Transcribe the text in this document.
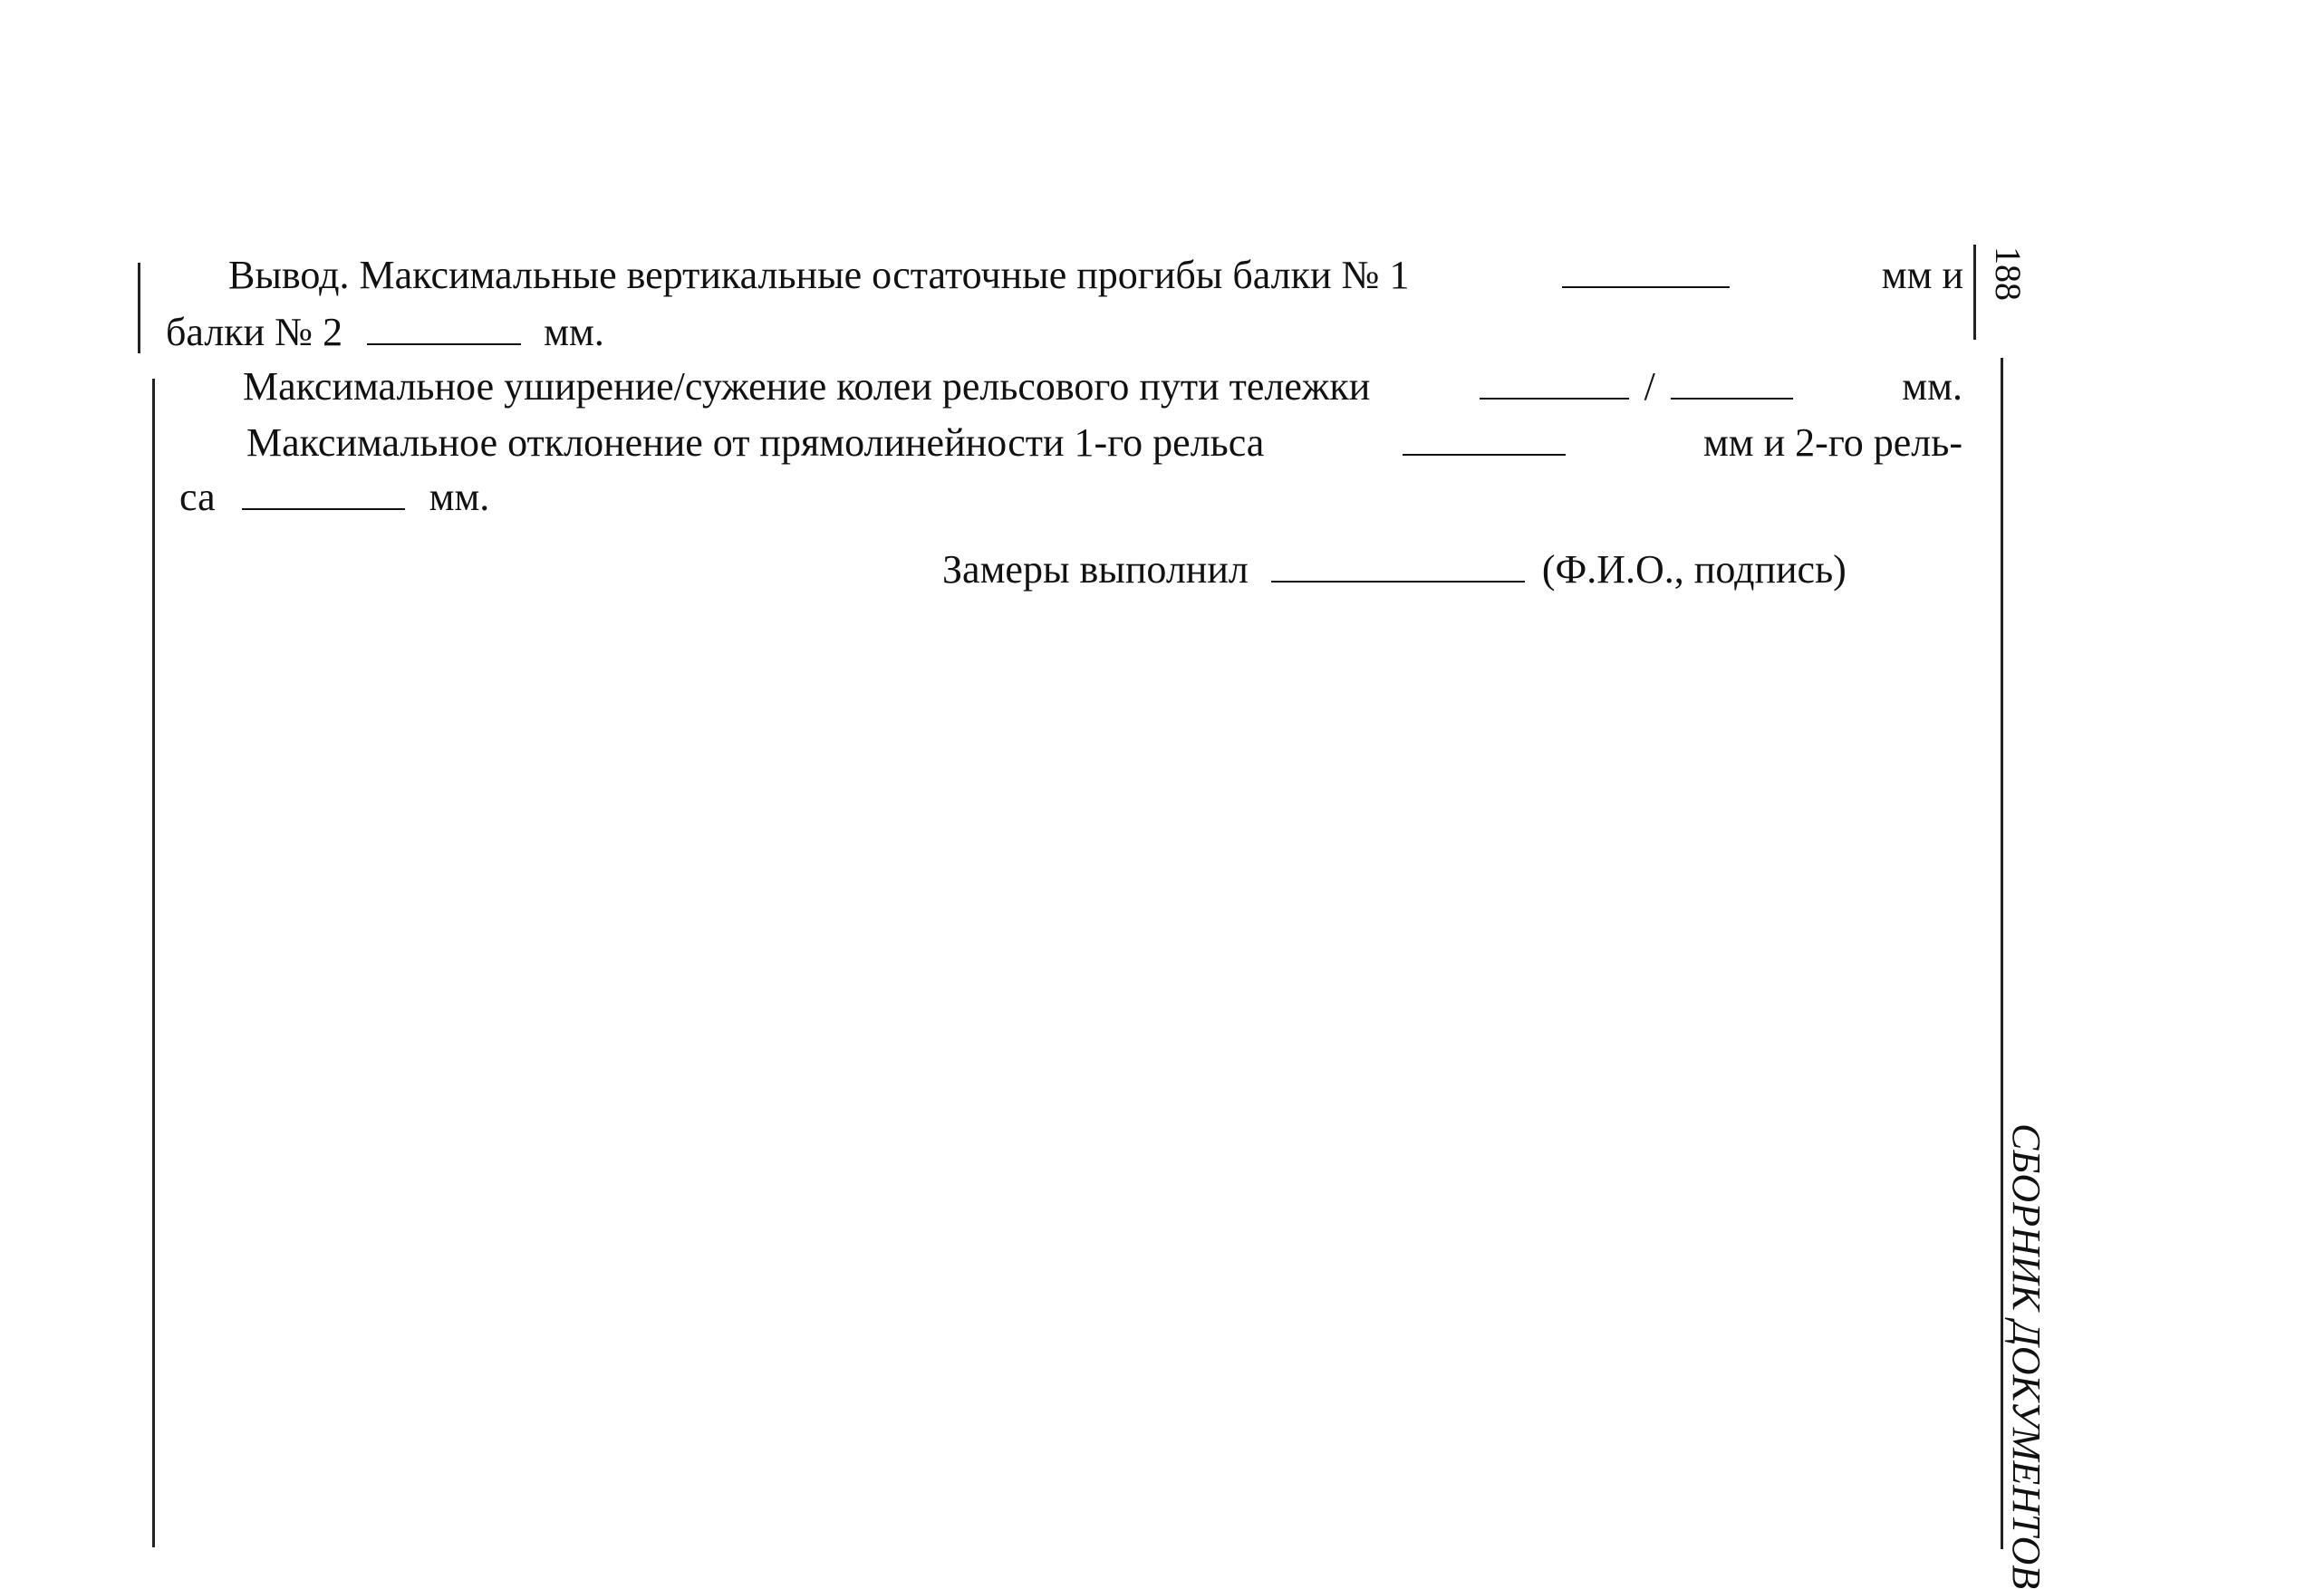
188
СБОРНИК ДОКУМЕНТОВ
Вывод. Максимальные вертикальные остаточные прогибы балки № 1	мм и
балки № 2	мм.
Максимальное уширение/сужение колеи рельсового пути тележки	/	мм.
Максимальное отклонение от прямолинейности 1-го рельса	мм и 2-го рель-
са	мм.
Замеры выполнил	(Ф.И.О., подпись)
